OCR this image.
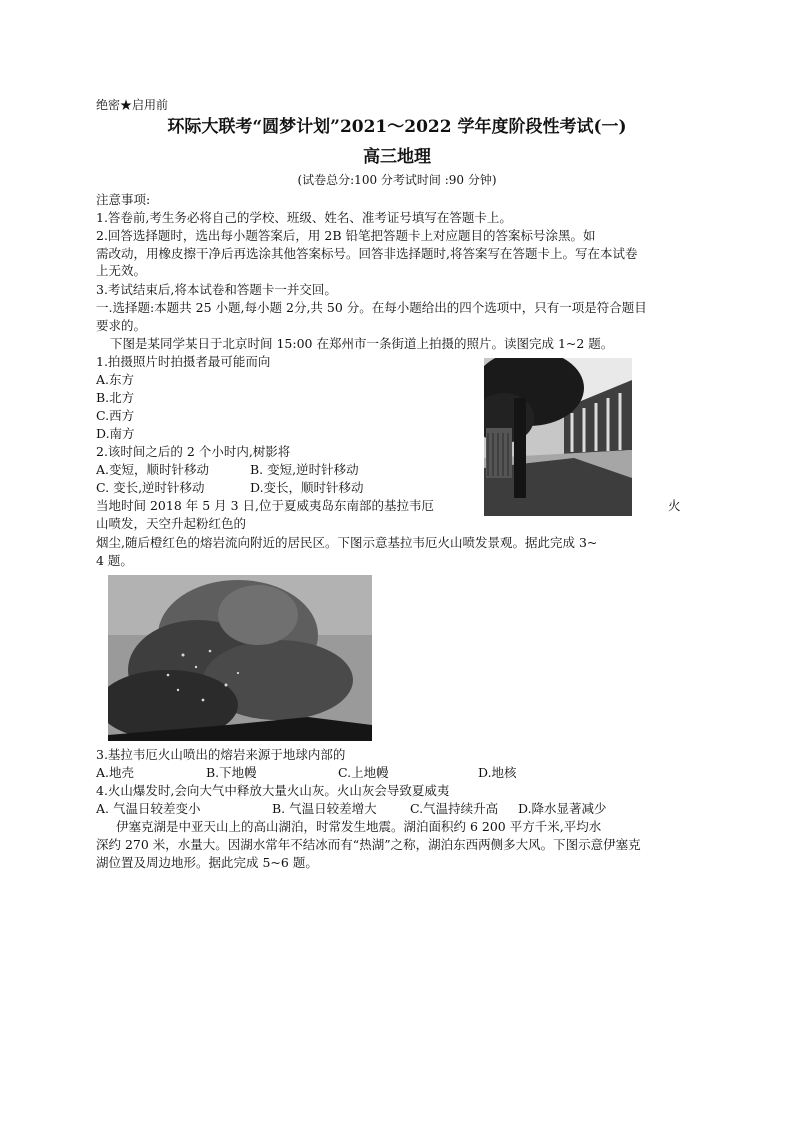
绝密★启用前
环际大联考“圆梦计划”2021～2022 学年度阶段性考试(一)
高三地理
(试卷总分:100 分考试时间 :90 分钟)
注意事项:
1.答卷前,考生务必将自己的学校、班级、姓名、准考证号填写在答题卡上。
2.回答选择题时，选出每小题答案后，用 2B 铅笔把答题卡上对应题目的答案标号涂黑。如
需改动，用橡皮擦干净后再选涂其他答案标号。回答非选择题时,将答案写在答题卡上。写在本试卷
上无效。
3.考试结束后,将本试卷和答题卡一并交回。
一.选择题:本题共 25 小题,每小题 2分,共 50 分。在每小题给出的四个选项中，只有一项是符合题目
要求的。
下图是某同学某日于北京时间 15:00 在郑州市一条街道上拍摄的照片。读图完成 1~2 题。
1.拍摄照片时拍摄者最可能而向
A.东方
B.北方
C.西方
D.南方
2.该时间之后的 2 个小时内,树影将
A.变短，顺时针移动	B. 变短,逆时针移动
C. 变长,逆时针移动	D.变长，顺时针移动
当地时间 2018 年 5 月 3 日,位于夏威夷岛东南部的基拉韦厄	火
山喷发，天空升起粉红色的
烟尘,随后橙红色的熔岩流向附近的居民区。下图示意基拉韦厄火山喷发景观。据此完成 3~
4 题。
3.基拉韦厄火山喷出的熔岩来源于地球内部的
A.地壳	B.下地幔	C.上地幔	D.地核
4.火山爆发时,会向大气中释放大量火山灰。火山灰会导致夏威夷
A. 气温日较差变小	B. 气温日较差增大	C.气温持续升高 D.降水显著减少
伊塞克湖是中亚天山上的高山湖泊，时常发生地震。湖泊面积约 6 200 平方千米,平均水
深约 270 米，水量大。因湖水常年不结冰而有“热湖”之称，湖泊东西两侧多大风。下图示意伊塞克
湖位置及周边地形。据此完成 5~6 题。
